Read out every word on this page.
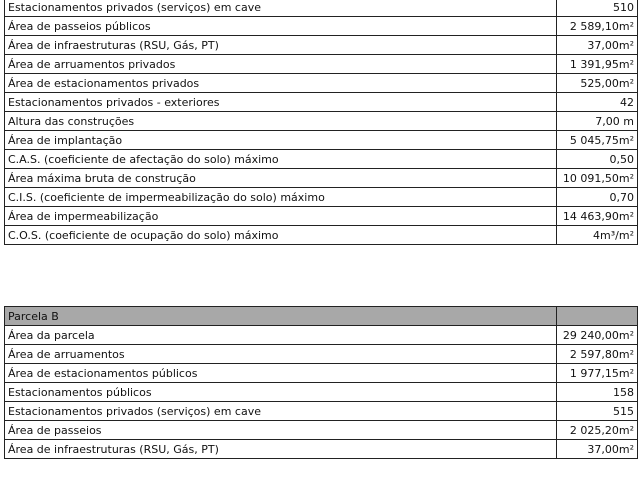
Estacionamentos privados (serviços) em cave	510
Área de passeios públicos	2 589,10m²
Área de infraestruturas (RSU, Gás, PT)	37,00m²
Área de arruamentos privados	1 391,95m²
Área de estacionamentos privados	525,00m²
Estacionamentos privados - exteriores	42
Altura das construções	7,00 m
Área de implantação	5 045,75m²
C.A.S. (coeficiente de afectação do solo) máximo	0,50
Área máxima bruta de construção	10 091,50m²
C.I.S. (coeficiente de impermeabilização do solo) máximo	0,70
Área de impermeabilização	14 463,90m²
C.O.S. (coeficiente de ocupação do solo) máximo	4m³/m²
Parcela B	
Área da parcela	29 240,00m²
Área de arruamentos	2 597,80m²
Área de estacionamentos públicos	1 977,15m²
Estacionamentos públicos	158
Estacionamentos privados (serviços) em cave	515
Área de passeios	2 025,20m²
Área de infraestruturas (RSU, Gás, PT)	37,00m²
